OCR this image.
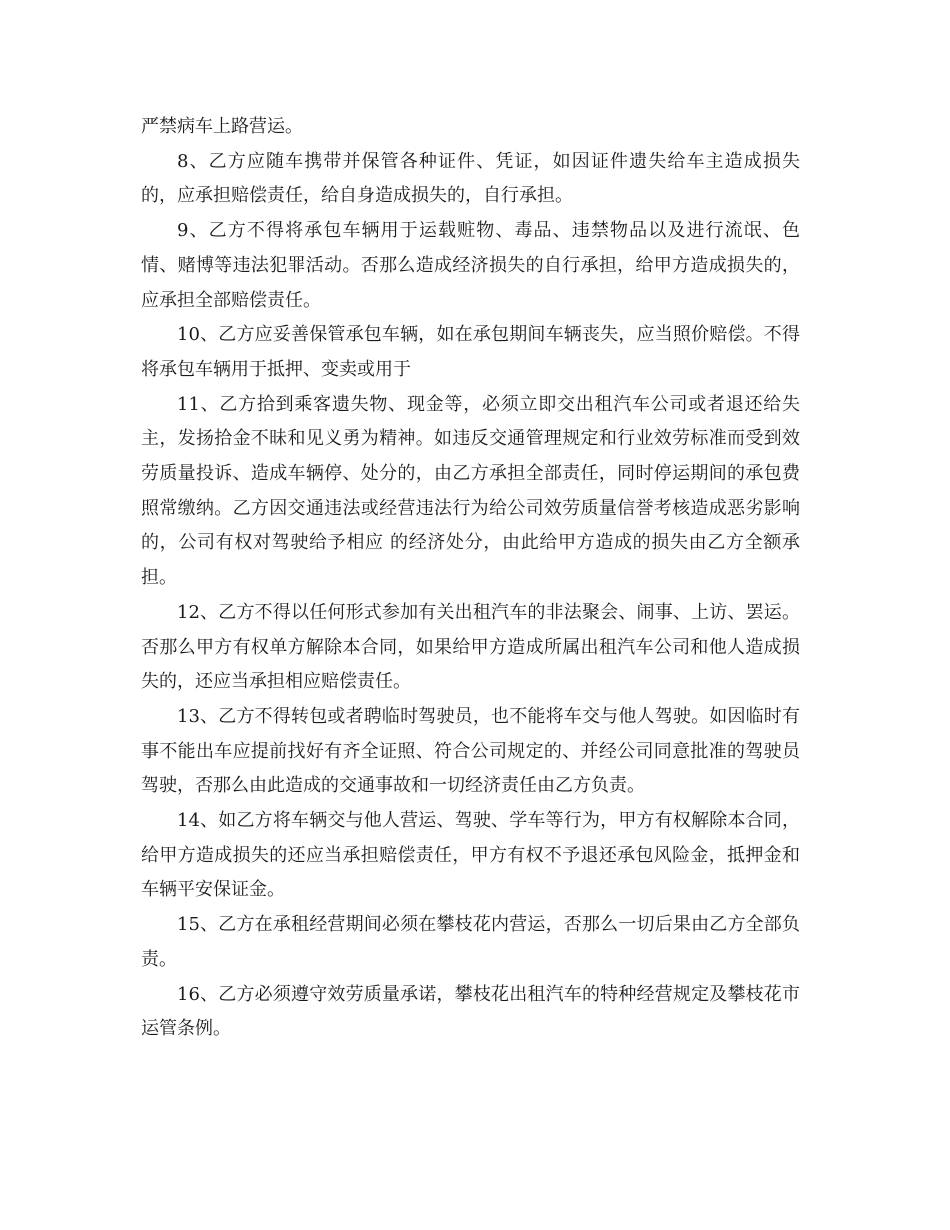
严禁病车上路营运。

8、乙方应随车携带并保管各种证件、凭证，如因证件遗失给车主造成损失的，应承担赔偿责任，给自身造成损失的，自行承担。

9、乙方不得将承包车辆用于运载赃物、毒品、违禁物品以及进行流氓、色情、赌博等违法犯罪活动。否那么造成经济损失的自行承担，给甲方造成损失的，应承担全部赔偿责任。

10、乙方应妥善保管承包车辆，如在承包期间车辆丧失，应当照价赔偿。不得将承包车辆用于抵押、变卖或用于

11、乙方拾到乘客遗失物、现金等，必须立即交出租汽车公司或者退还给失主，发扬拾金不昧和见义勇为精神。如违反交通管理规定和行业效劳标准而受到效劳质量投诉、造成车辆停、处分的，由乙方承担全部责任，同时停运期间的承包费照常缴纳。乙方因交通违法或经营违法行为给公司效劳质量信誉考核造成恶劣影响的，公司有权对驾驶给予相应 的经济处分，由此给甲方造成的损失由乙方全额承担。

12、乙方不得以任何形式参加有关出租汽车的非法聚会、闹事、上访、罢运。否那么甲方有权单方解除本合同，如果给甲方造成所属出租汽车公司和他人造成损失的，还应当承担相应赔偿责任。

13、乙方不得转包或者聘临时驾驶员，也不能将车交与他人驾驶。如因临时有事不能出车应提前找好有齐全证照、符合公司规定的、并经公司同意批准的驾驶员驾驶，否那么由此造成的交通事故和一切经济责任由乙方负责。

14、如乙方将车辆交与他人营运、驾驶、学车等行为，甲方有权解除本合同，给甲方造成损失的还应当承担赔偿责任，甲方有权不予退还承包风险金，抵押金和车辆平安保证金。

15、乙方在承租经营期间必须在攀枝花内营运，否那么一切后果由乙方全部负责。

16、乙方必须遵守效劳质量承诺，攀枝花出租汽车的特种经营规定及攀枝花市运管条例。
